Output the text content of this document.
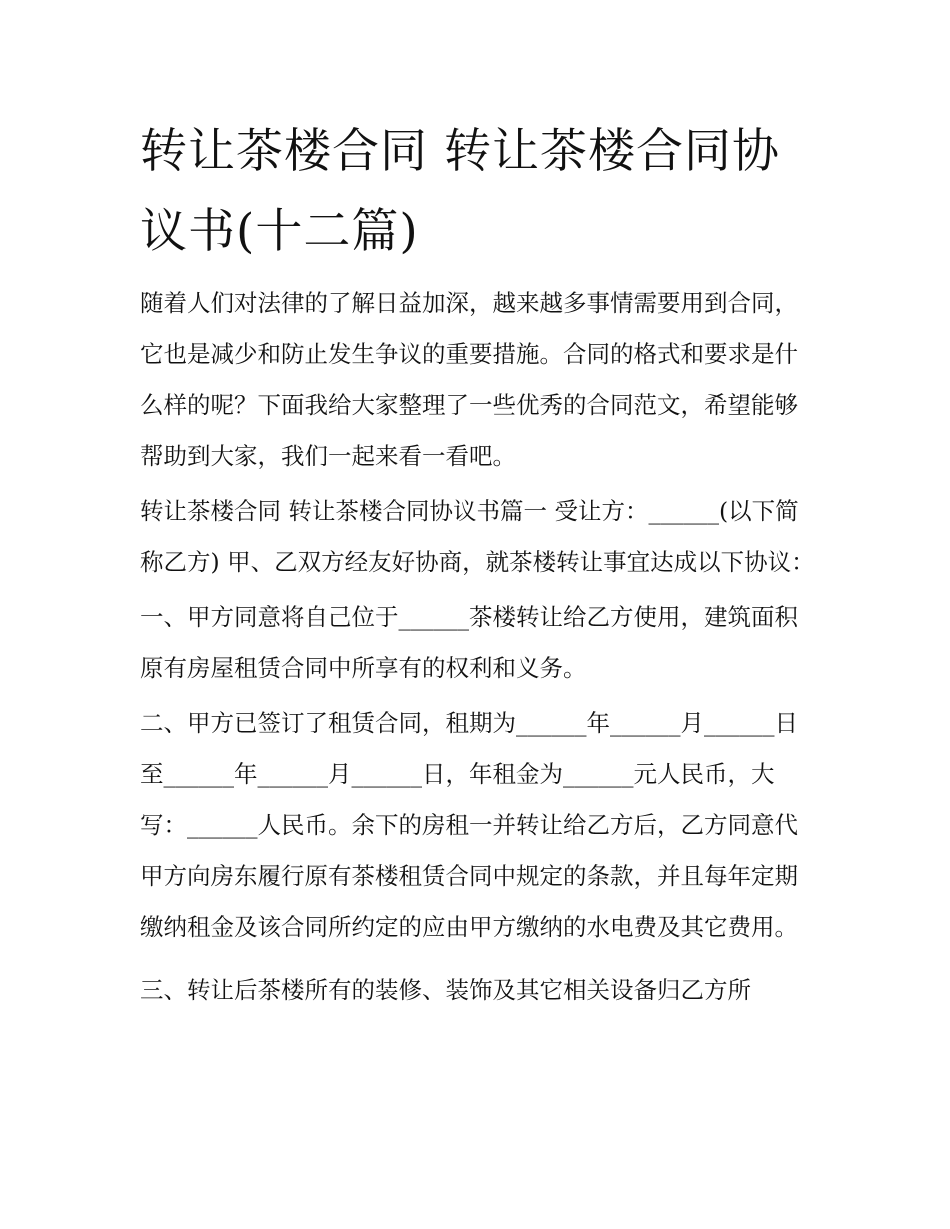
转让茶楼合同 转让茶楼合同协议书(十二篇)

随着人们对法律的了解日益加深，越来越多事情需要用到合同，它也是减少和防止发生争议的重要措施。合同的格式和要求是什么样的呢？下面我给大家整理了一些优秀的合同范文，希望能够帮助到大家，我们一起来看一看吧。

转让茶楼合同 转让茶楼合同协议书篇一 受让方：______(以下简称乙方) 甲、乙双方经友好协商，就茶楼转让事宜达成以下协议：

一、甲方同意将自己位于______茶楼转让给乙方使用，建筑面积原有房屋租赁合同中所享有的权利和义务。

二、甲方已签订了租赁合同，租期为______年______月______日至______年______月______日，年租金为______元人民币，大写：______人民币。余下的房租一并转让给乙方后，乙方同意代甲方向房东履行原有茶楼租赁合同中规定的条款，并且每年定期缴纳租金及该合同所约定的应由甲方缴纳的水电费及其它费用。

三、转让后茶楼所有的装修、装饰及其它相关设备归乙方所
